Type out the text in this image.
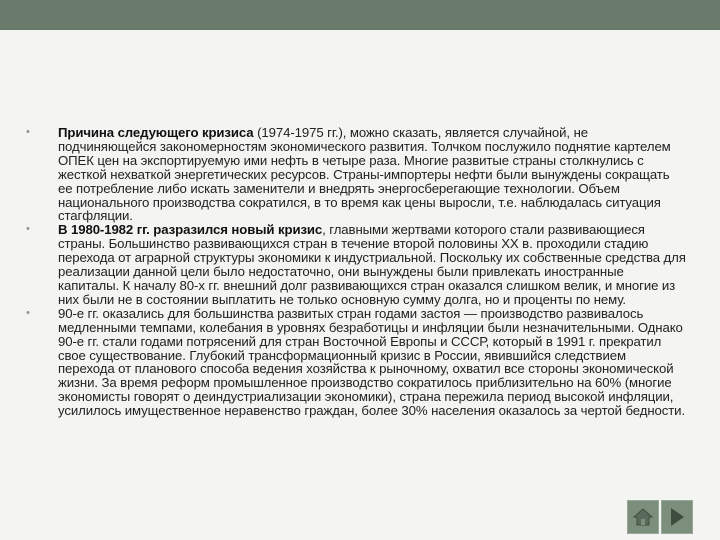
• Причина следующего кризиса (1974-1975 гг.), можно сказать, является случайной, не подчиняющейся закономерностям экономического развития. Толчком послужило поднятие картелем ОПЕК цен на экспортируемую ими нефть в четыре раза. Многие развитые страны столкнулись с жесткой нехваткой энергетических ресурсов. Страны-импортеры нефти были вынуждены сокращать ее потребление либо искать заменители и внедрять энергосберегающие технологии. Объем национального производства сократился, в то время как цены выросли, т.е. наблюдалась ситуация стагфляции.
• В 1980-1982 гг. разразился новый кризис, главными жертвами которого стали развивающиеся страны. Большинство развивающихся стран в течение второй половины XX в. проходили стадию перехода от аграрной структуры экономики к индустриальной. Поскольку их собственные средства для реализации данной цели было недостаточно, они вынуждены были привлекать иностранные капиталы. К началу 80-х гг. внешний долг развивающихся стран оказался слишком велик, и многие из них были не в состоянии выплатить не только основную сумму долга, но и проценты по нему.
• 90-е гг. оказались для большинства развитых стран годами застоя — производство развивалось медленными темпами, колебания в уровнях безработицы и инфляции были незначительными. Однако 90-е гг. стали годами потрясений для стран Восточной Европы и СССР, который в 1991 г. прекратил свое существование. Глубокий трансформационный кризис в России, явившийся следствием перехода от планового способа ведения хозяйства к рыночному, охватил все стороны экономической жизни. За время реформ промышленное производство сократилось приблизительно на 60% (многие экономисты говорят о деиндустриализации экономики), страна пережила период высокой инфляции, усилилось имущественное неравенство граждан, более 30% населения оказалось за чертой бедности.
